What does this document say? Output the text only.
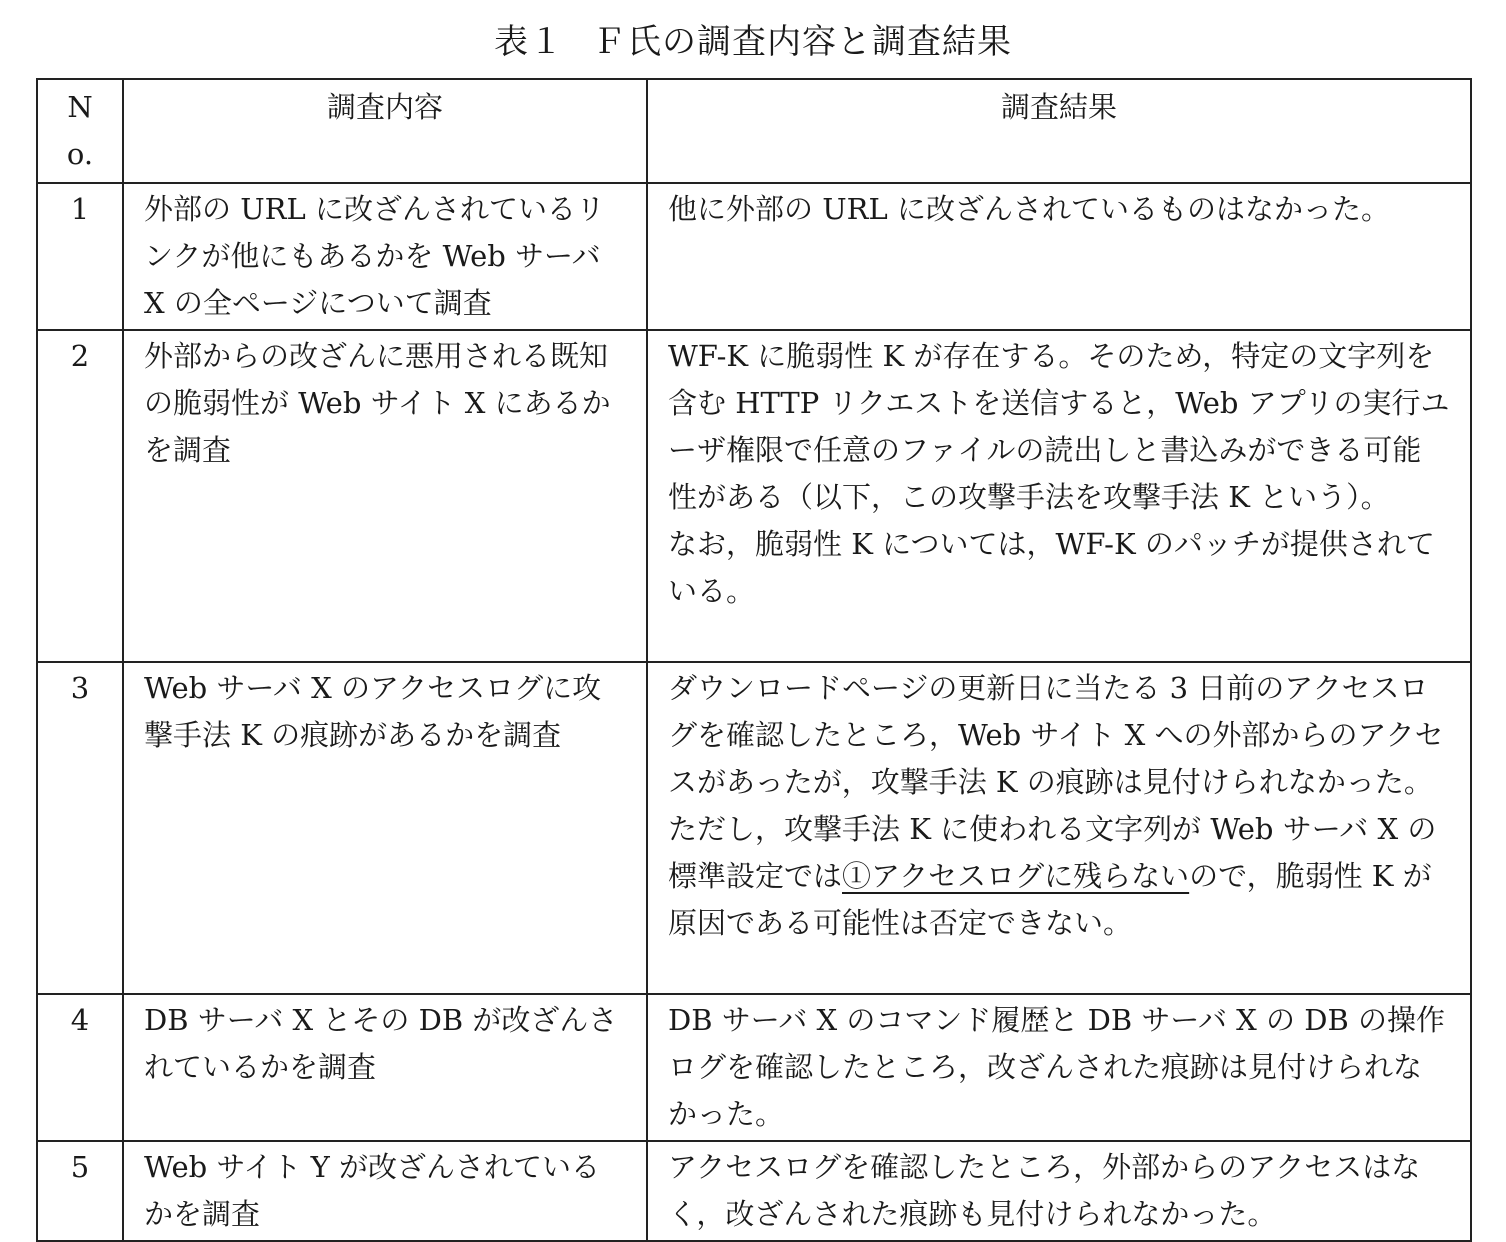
表１ Ｆ氏の調査内容と調査結果
No.	調査内容	調査結果
1	外部の URL に改ざんされているリンクが他にもあるかを Web サーバ X の全ページについて調査	他に外部の URL に改ざんされているものはなかった。
2	外部からの改ざんに悪用される既知の脆弱性が Web サイト X にあるかを調査	WF-K に脆弱性 K が存在する。そのため，特定の文字列を含む HTTP リクエストを送信すると，Web アプリの実行ユーザ権限で任意のファイルの読出しと書込みができる可能性がある（以下，この攻撃手法を攻撃手法 K という）。
なお，脆弱性 K については，WF-K のパッチが提供されている。

3	Web サーバ X のアクセスログに攻撃手法 K の痕跡があるかを調査	ダウンロードページの更新日に当たる 3 日前のアクセスログを確認したところ，Web サイト X への外部からのアクセスがあったが，攻撃手法 K の痕跡は見付けられなかった。ただし，攻撃手法 K に使われる文字列が Web サーバ X の標準設定では①アクセスログに残らないので，脆弱性 K が原因である可能性は否定できない。
4	DB サーバ X とその DB が改ざんされているかを調査	DB サーバ X のコマンド履歴と DB サーバ X の DB の操作ログを確認したところ，改ざんされた痕跡は見付けられなかった。
5	Web サイト Y が改ざんされているかを調査	アクセスログを確認したところ，外部からのアクセスはなく，改ざんされた痕跡も見付けられなかった。
